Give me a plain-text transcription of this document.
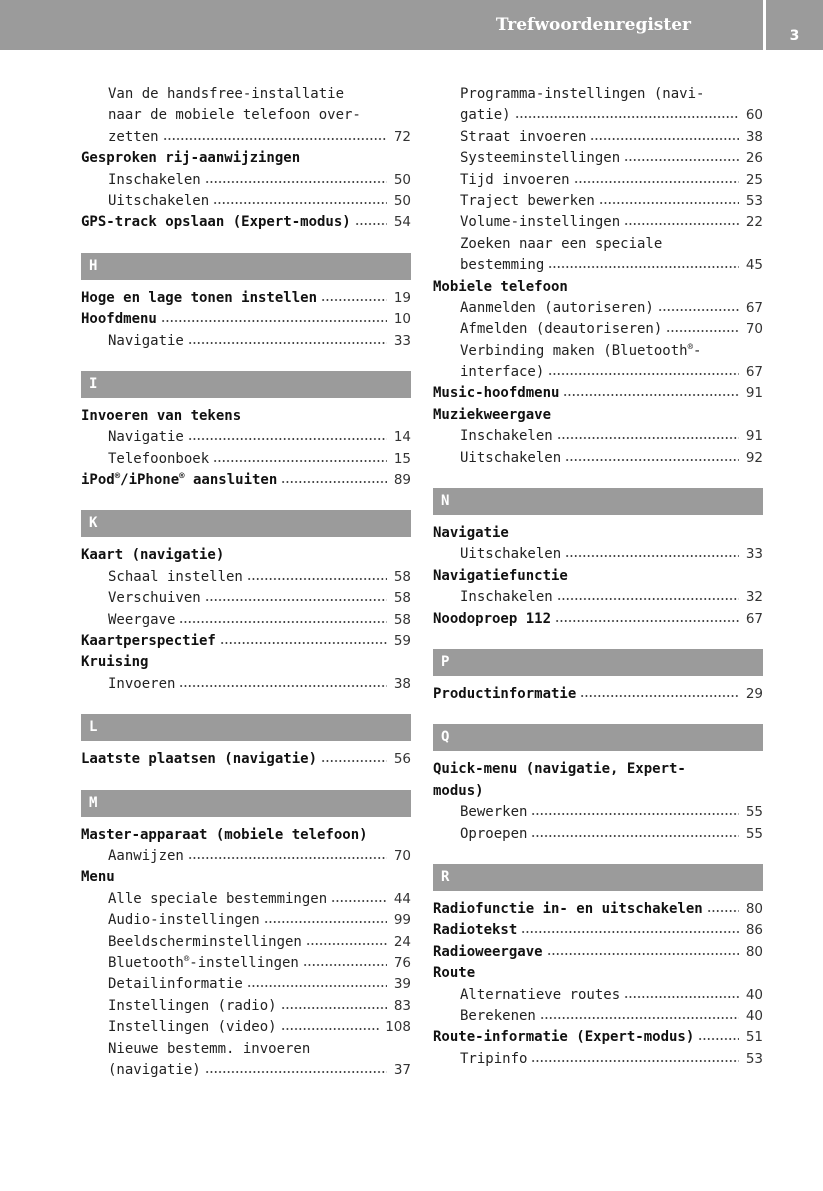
Trefwoordenregister
3
Van de handsfree-installatie
naar de mobiele telefoon over-
zetten	72
Gesproken rij-aanwijzingen
Inschakelen	50
Uitschakelen	50
GPS-track opslaan (Expert-modus)	54
H
Hoge en lage tonen instellen	19
Hoofdmenu	10
Navigatie	33
I
Invoeren van tekens
Navigatie	14
Telefoonboek	15
iPod®/iPhone® aansluiten	89
K
Kaart (navigatie)
Schaal instellen	58
Verschuiven	58
Weergave	58
Kaartperspectief	59
Kruising
Invoeren	38
L
Laatste plaatsen (navigatie)	56
M
Master-apparaat (mobiele telefoon)
Aanwijzen	70
Menu
Alle speciale bestemmingen	44
Audio-instellingen	99
Beeldscherminstellingen	24
Bluetooth®-instellingen	76
Detailinformatie	39
Instellingen (radio)	83
Instellingen (video)	108
Nieuwe bestemm. invoeren
(navigatie)	37
Programma-instellingen (navi-
gatie)	60
Straat invoeren	38
Systeeminstellingen	26
Tijd invoeren	25
Traject bewerken	53
Volume-instellingen	22
Zoeken naar een speciale
bestemming	45
Mobiele telefoon
Aanmelden (autoriseren)	67
Afmelden (deautoriseren)	70
Verbinding maken (Bluetooth®-
interface)	67
Music-hoofdmenu	91
Muziekweergave
Inschakelen	91
Uitschakelen	92
N
Navigatie
Uitschakelen	33
Navigatiefunctie
Inschakelen	32
Noodoproep 112	67
P
Productinformatie	29
Q
Quick-menu (navigatie, Expert-
modus)
Bewerken	55
Oproepen	55
R
Radiofunctie in- en uitschakelen	80
Radiotekst	86
Radioweergave	80
Route
Alternatieve routes	40
Berekenen	40
Route-informatie (Expert-modus)	51
Tripinfo	53
